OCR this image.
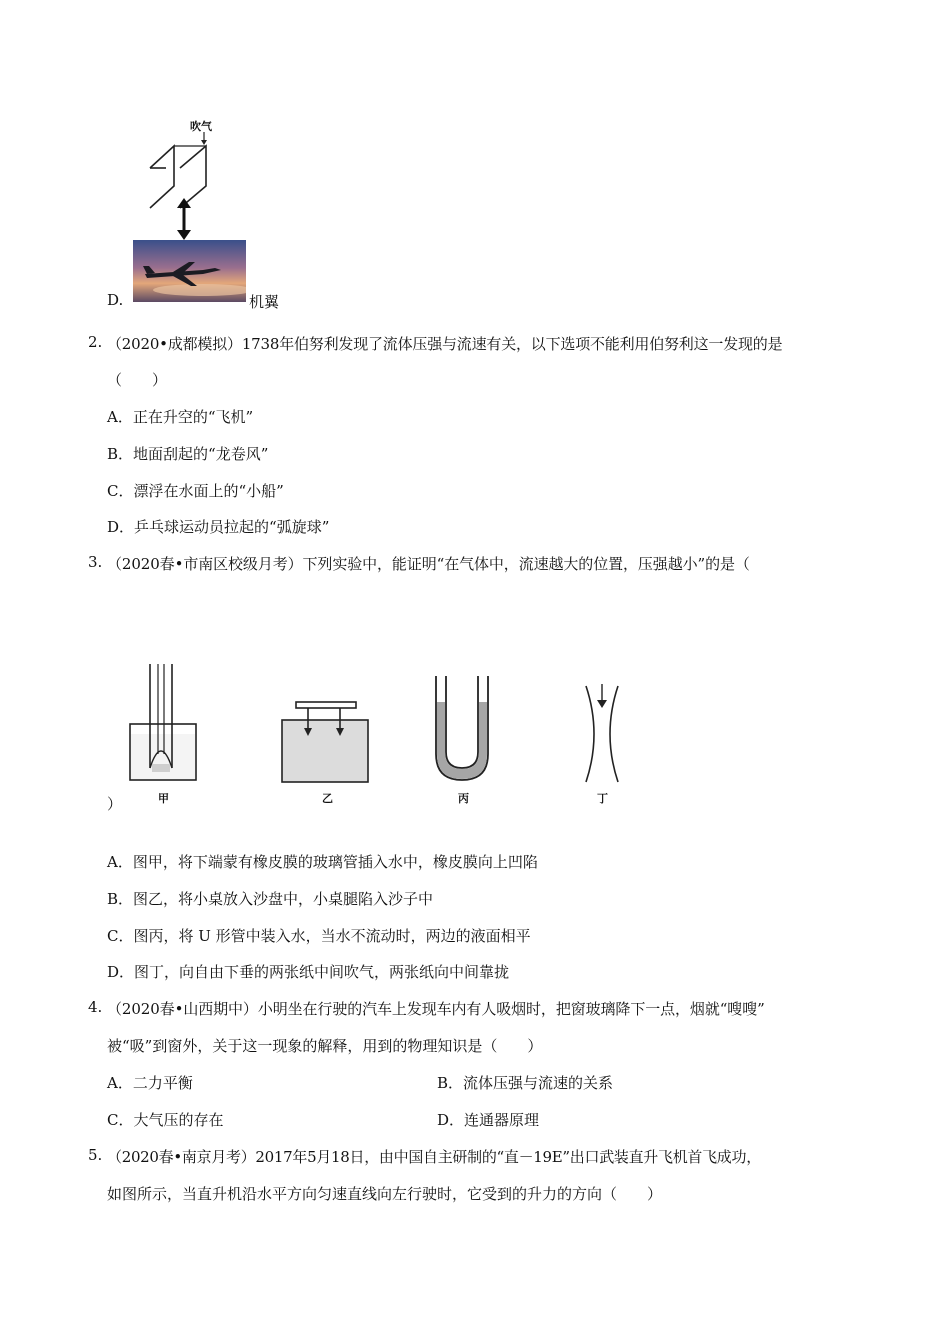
吹气
D.	机翼
2. （2020•成都模拟）1738年伯努利发现了流体压强与流速有关，以下选项不能利用伯努利这一发现的是
（　　）
A．正在升空的“飞机”
B．地面刮起的“龙卷风”
C．漂浮在水面上的“小船”
D．乒乓球运动员拉起的“弧旋球”
3. （2020春•市南区校级月考）下列实验中，能证明“在气体中，流速越大的位置，压强越小”的是（
甲	乙	丙	丁
）
A．图甲，将下端蒙有橡皮膜的玻璃管插入水中，橡皮膜向上凹陷
B．图乙，将小桌放入沙盘中，小桌腿陷入沙子中
C．图丙，将 U 形管中装入水，当水不流动时，两边的液面相平
D．图丁，向自由下垂的两张纸中间吹气，两张纸向中间靠拢
4. （2020春•山西期中）小明坐在行驶的汽车上发现车内有人吸烟时，把窗玻璃降下一点，烟就“嗖嗖”
被“吸”到窗外，关于这一现象的解释，用到的物理知识是（　　）
A．二力平衡	B．流体压强与流速的关系
C．大气压的存在	D．连通器原理
5. （2020春•南京月考）2017年5月18日，由中国自主研制的“直－19E”出口武装直升飞机首飞成功，
如图所示，当直升机沿水平方向匀速直线向左行驶时，它受到的升力的方向（　　）
